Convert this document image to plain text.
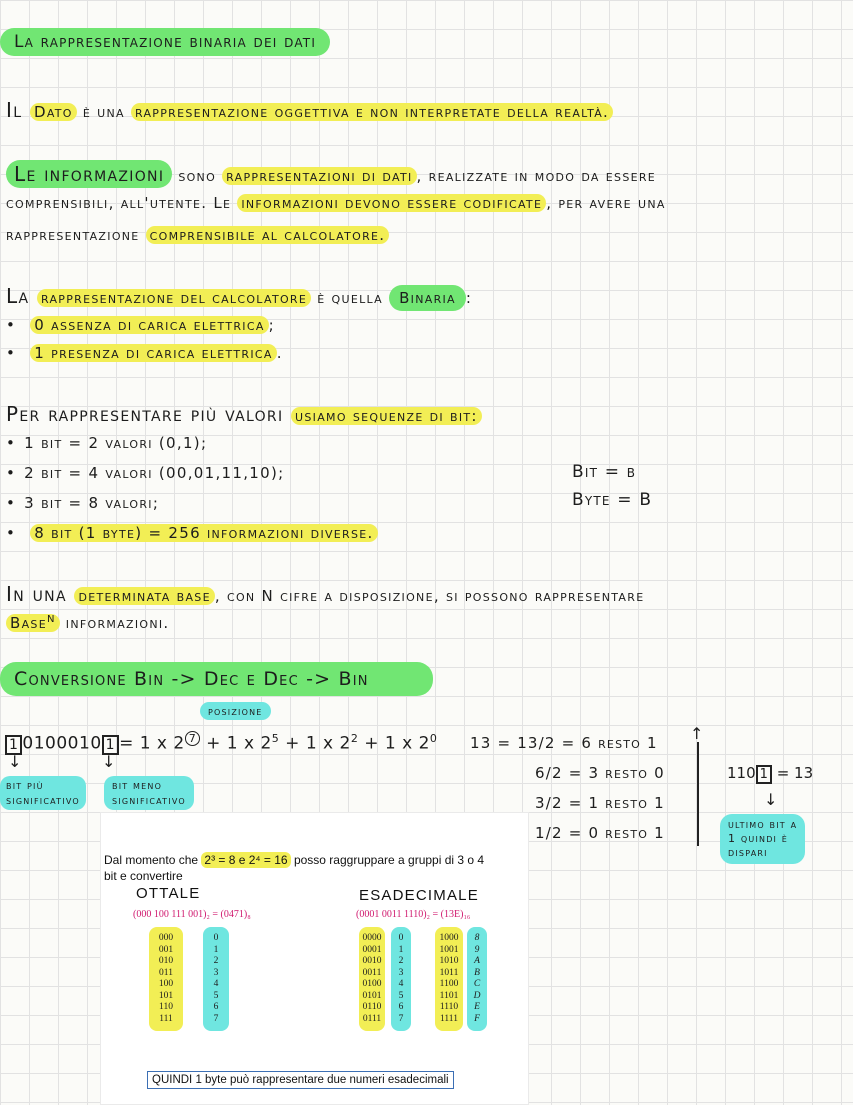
La rappresentazione binaria dei dati
Il Dato è una rappresentazione oggettiva e non interpretate della realtà.
Le informazioni sono rappresentazioni di dati , realizzate in modo da essere
comprensibili, all'utente. Le informazioni devono essere codificate , per avere una
rappresentazione comprensibile al calcolatore.
La rappresentazione del calcolatore è quella Binaria :
• 0 assenza di carica elettrica ;
• 1 presenza di carica elettrica .
Per rappresentare più valori usiamo sequenze di bit:
• 1 bit = 2 valori (0,1);
• 2 bit = 4 valori (00,01,11,10);
• 3 bit = 8 valori;
• 8 bit (1 byte) = 256 informazioni diverse.
Bit = b
Byte = B
In una determinata base , con N cifre a disposizione, si possono rappresentare
Base$^N$ informazioni.
Conversione Bin -> Dec e Dec -> Bin
posizione
1 0100010 1 = 1 x 2 $^7$ + 1 x $2^5 + 1$ x $2^2 + 1$ x $2^0$
↓	↓
bit più
significativo
bit meno
significativo
13 = 13/2 = 6 resto 1
6/2 = 3 resto 0
3/2 = 1 resto 1
1/2 = 0 resto 1
↑
110 1 = 13
↓
ultimo bit a
1 quindi è
dispari
Dal momento che 2³ = 8 e 2⁴ = 16 posso raggruppare a gruppi di 3 o 4
bit e convertire
OTTALE
(000 100 111 001)₂ = (0471)₈
000
001
010
011
100
101
110
111
0
1
2
3
4
5
6
7
ESADECIMALE
(0001 0011 1110)₂ = (13E)₁₆
0000
0001
0010
0011
0100
0101
0110
0111
0
1
2
3
4
5
6
7
1000
1001
1010
1011
1100
1101
1110
1111
8
9
A
B
C
D
E
F
QUINDI 1 byte può rappresentare due numeri esadecimali
